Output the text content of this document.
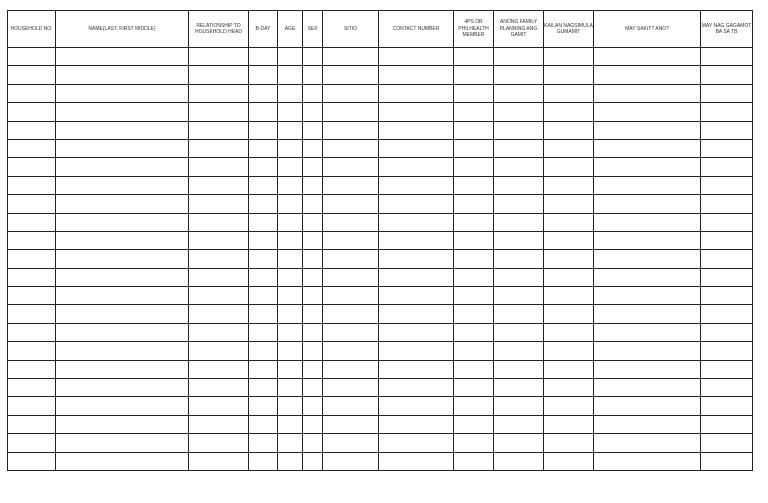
HOUSEHOLD NO.	NAME(LAST, FIRST MIDDLE)	RELATIONSHIP TO HOUSEHOLD HEAD	B-DAY	AGE	SEX	SITIO	CONTACT NUMBER	4PS OR PHILHEALTH MEMBER	ANONG FAMILY PLANNING ANG GAMIT	KAILAN NAGSIMULA GUMAMIT	MAY SAKIT? ANO?	MAY NAG GAGAMOT BA SA TB
